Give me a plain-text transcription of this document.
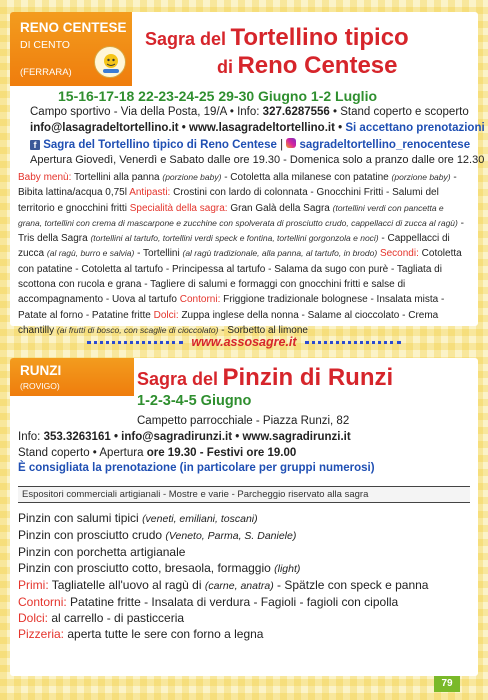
RENO CENTESE
DI CENTO
(FERRARA)
Sagra del Tortellino tipico
di Reno Centese
15-16-17-18 22-23-24-25 29-30 Giugno 1-2 Luglio
Campo sportivo - Via della Posta, 19/A • Info: 327.6287556 • Stand coperto e scoperto
info@lasagradeltortellino.it • www.lasagradeltortellino.it • Si accettano prenotazioni
f Sagra del Tortellino tipico di Reno Centese |  sagradeltortellino_renocentese
Apertura Giovedì, Venerdì e Sabato dalle ore 19.30 - Domenica solo a pranzo dalle ore 12.30
Baby menù: Tortellini alla panna (porzione baby) - Cotoletta alla milanese con patatine (porzione baby) - Bibita lattina/acqua 0,75l Antipasti: Crostini con lardo di colonnata - Gnocchini Fritti - Salumi del territorio e gnocchini fritti Specialità della sagra: Gran Galà della Sagra (tortellini verdi con pancetta e grana, tortellini con crema di mascarpone e zucchine con spolverata di prosciutto crudo, cappellacci di zucca al ragù) - Tris della Sagra (tortellini al tartufo, tortellini verdi speck e fontina, tortellini gorgonzola e noci) - Cappellacci di zucca (al ragù, burro e salvia) - Tortellini (al ragù tradizionale, alla panna, al tartufo, in brodo) Secondi: Cotoletta con patatine - Cotoletta al tartufo - Principessa al tartufo - Salama da sugo con purè - Tagliata di scottona con rucola e grana - Tagliere di salumi e formaggi con gnocchini fritti e salse di accompagnamento - Uova al tartufo Contorni: Friggione tradizionale bolognese - Insalata mista - Patate al forno - Patatine fritte Dolci: Zuppa inglese della nonna - Salame al cioccolato - Crema chantilly (ai frutti di bosco, con scaglie di cioccolato) - Sorbetto al limone
www.assosagre.it
RUNZI
(ROVIGO)	Sagra del Pinzin di Runzi
1-2-3-4-5 Giugno
Campetto parrocchiale - Piazza Runzi, 82
Info: 353.3263161 • info@sagradirunzi.it • www.sagradirunzi.it
Stand coperto • Apertura ore 19.30 - Festivi ore 19.00
È consigliata la prenotazione (in particolare per gruppi numerosi)
Espositori commerciali artigianali - Mostre e varie - Parcheggio riservato alla sagra
Pinzin con salumi tipici (veneti, emiliani, toscani)
Pinzin con prosciutto crudo (Veneto, Parma, S. Daniele)
Pinzin con porchetta artigianale
Pinzin con prosciutto cotto, bresaola, formaggio (light)
Primi: Tagliatelle all'uovo al ragù di (carne, anatra) - Spätzle con speck e panna
Contorni: Patatine fritte - Insalata di verdura - Fagioli - fagioli con cipolla
Dolci: al carrello - di pasticceria
Pizzeria: aperta tutte le sere con forno a legna
79
